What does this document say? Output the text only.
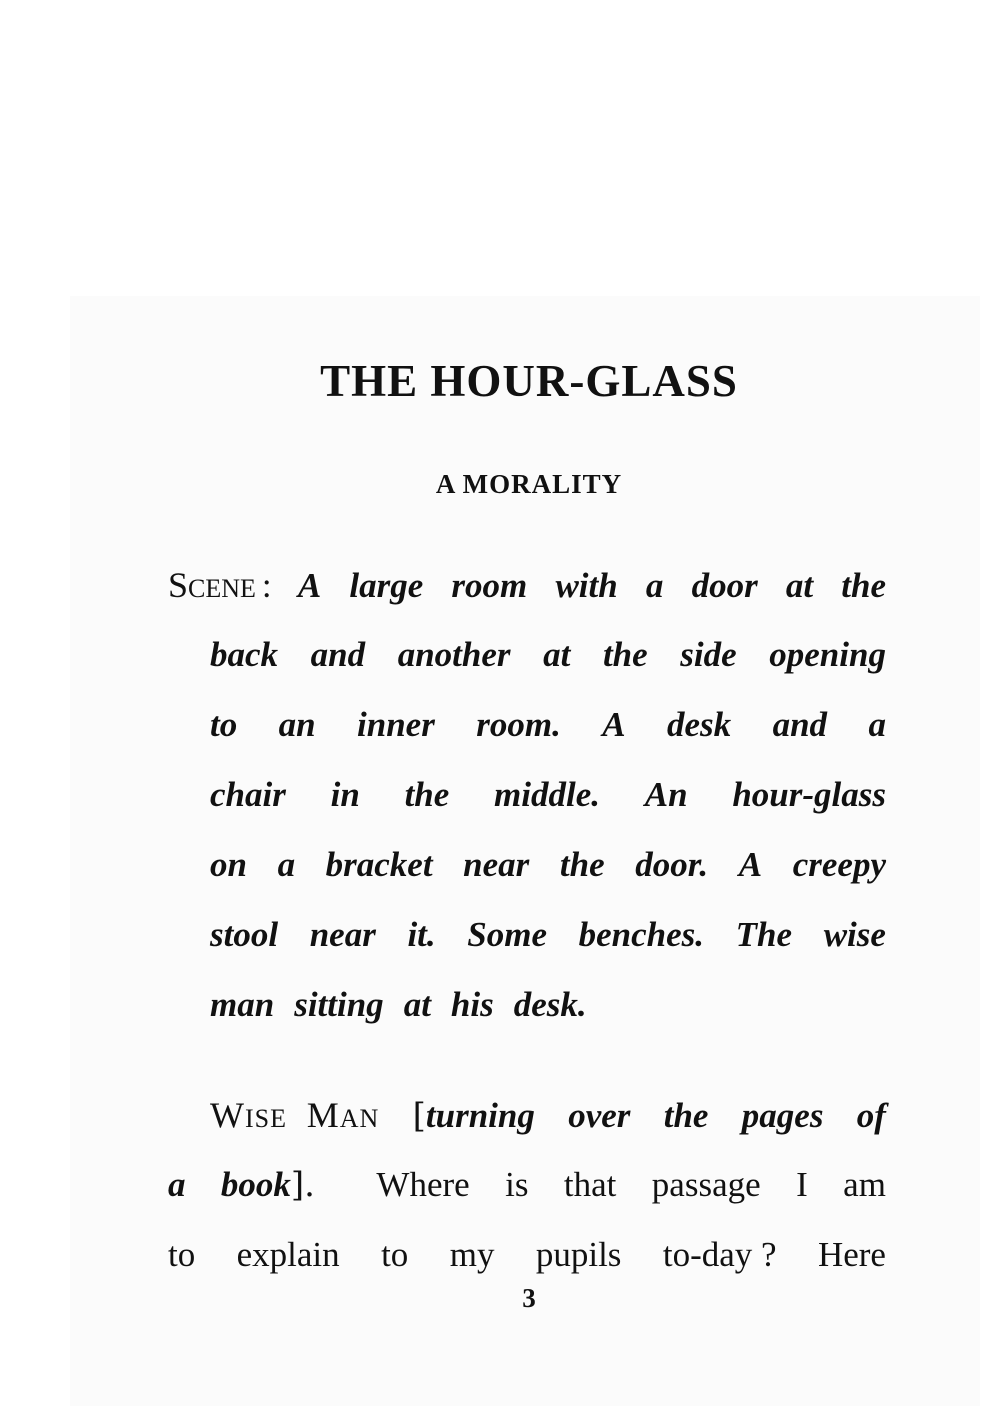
THE HOUR-GLASS
A MORALITY
SCENE : A large room with a door at the
back and another at the side opening
to an inner room. A desk and a
chair in the middle. An hour-glass
on a bracket near the door. A creepy
stool near it. Some benches. The wise
man sitting at his desk.
WISE MAN [turning over the pages of
a book]. Where is that passage I am
to explain to my pupils to-day ? Here
3
